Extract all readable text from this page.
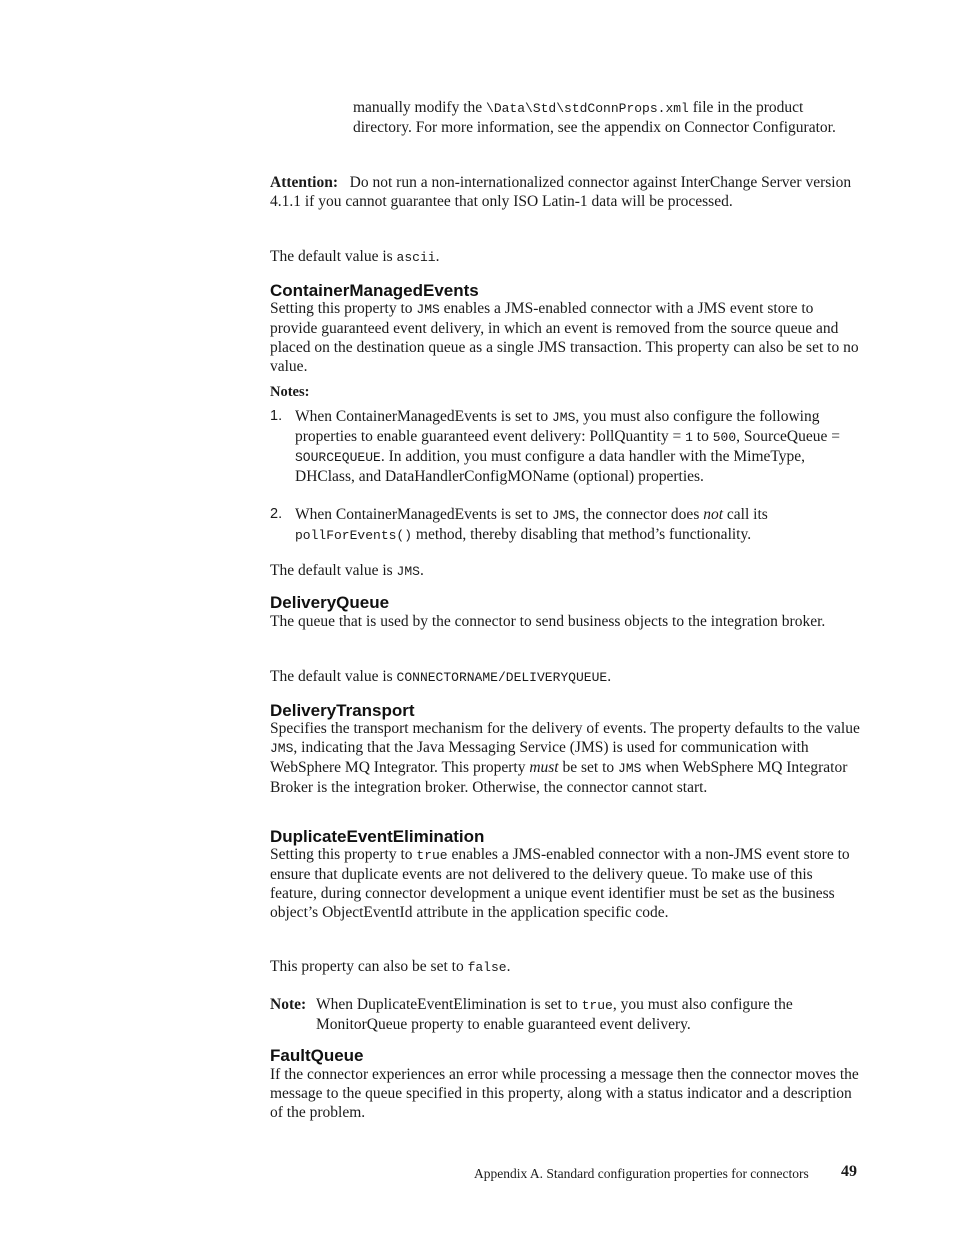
manually modify the \Data\Std\stdConnProps.xml file in the product directory. For more information, see the appendix on Connector Configurator.

Attention: Do not run a non-internationalized connector against InterChange Server version 4.1.1 if you cannot guarantee that only ISO Latin-1 data will be processed.

The default value is ascii.

ContainerManagedEvents

Setting this property to JMS enables a JMS-enabled connector with a JMS event store to provide guaranteed event delivery, in which an event is removed from the source queue and placed on the destination queue as a single JMS transaction. This property can also be set to no value.

Notes:

1. When ContainerManagedEvents is set to JMS, you must also configure the following properties to enable guaranteed event delivery: PollQuantity = 1 to 500, SourceQueue = SOURCEQUEUE. In addition, you must configure a data handler with the MimeType, DHClass, and DataHandlerConfigMOName (optional) properties.

2. When ContainerManagedEvents is set to JMS, the connector does not call its pollForEvents() method, thereby disabling that method’s functionality.

The default value is JMS.

DeliveryQueue

The queue that is used by the connector to send business objects to the integration broker.

The default value is CONNECTORNAME/DELIVERYQUEUE.

DeliveryTransport

Specifies the transport mechanism for the delivery of events. The property defaults to the value JMS, indicating that the Java Messaging Service (JMS) is used for communication with WebSphere MQ Integrator. This property must be set to JMS when WebSphere MQ Integrator Broker is the integration broker. Otherwise, the connector cannot start.

DuplicateEventElimination

Setting this property to true enables a JMS-enabled connector with a non-JMS event store to ensure that duplicate events are not delivered to the delivery queue. To make use of this feature, during connector development a unique event identifier must be set as the business object’s ObjectEventId attribute in the application specific code.

This property can also be set to false.

Note: When DuplicateEventElimination is set to true, you must also configure the MonitorQueue property to enable guaranteed event delivery.

FaultQueue

If the connector experiences an error while processing a message then the connector moves the message to the queue specified in this property, along with a status indicator and a description of the problem.

Appendix A. Standard configuration properties for connectors 49
